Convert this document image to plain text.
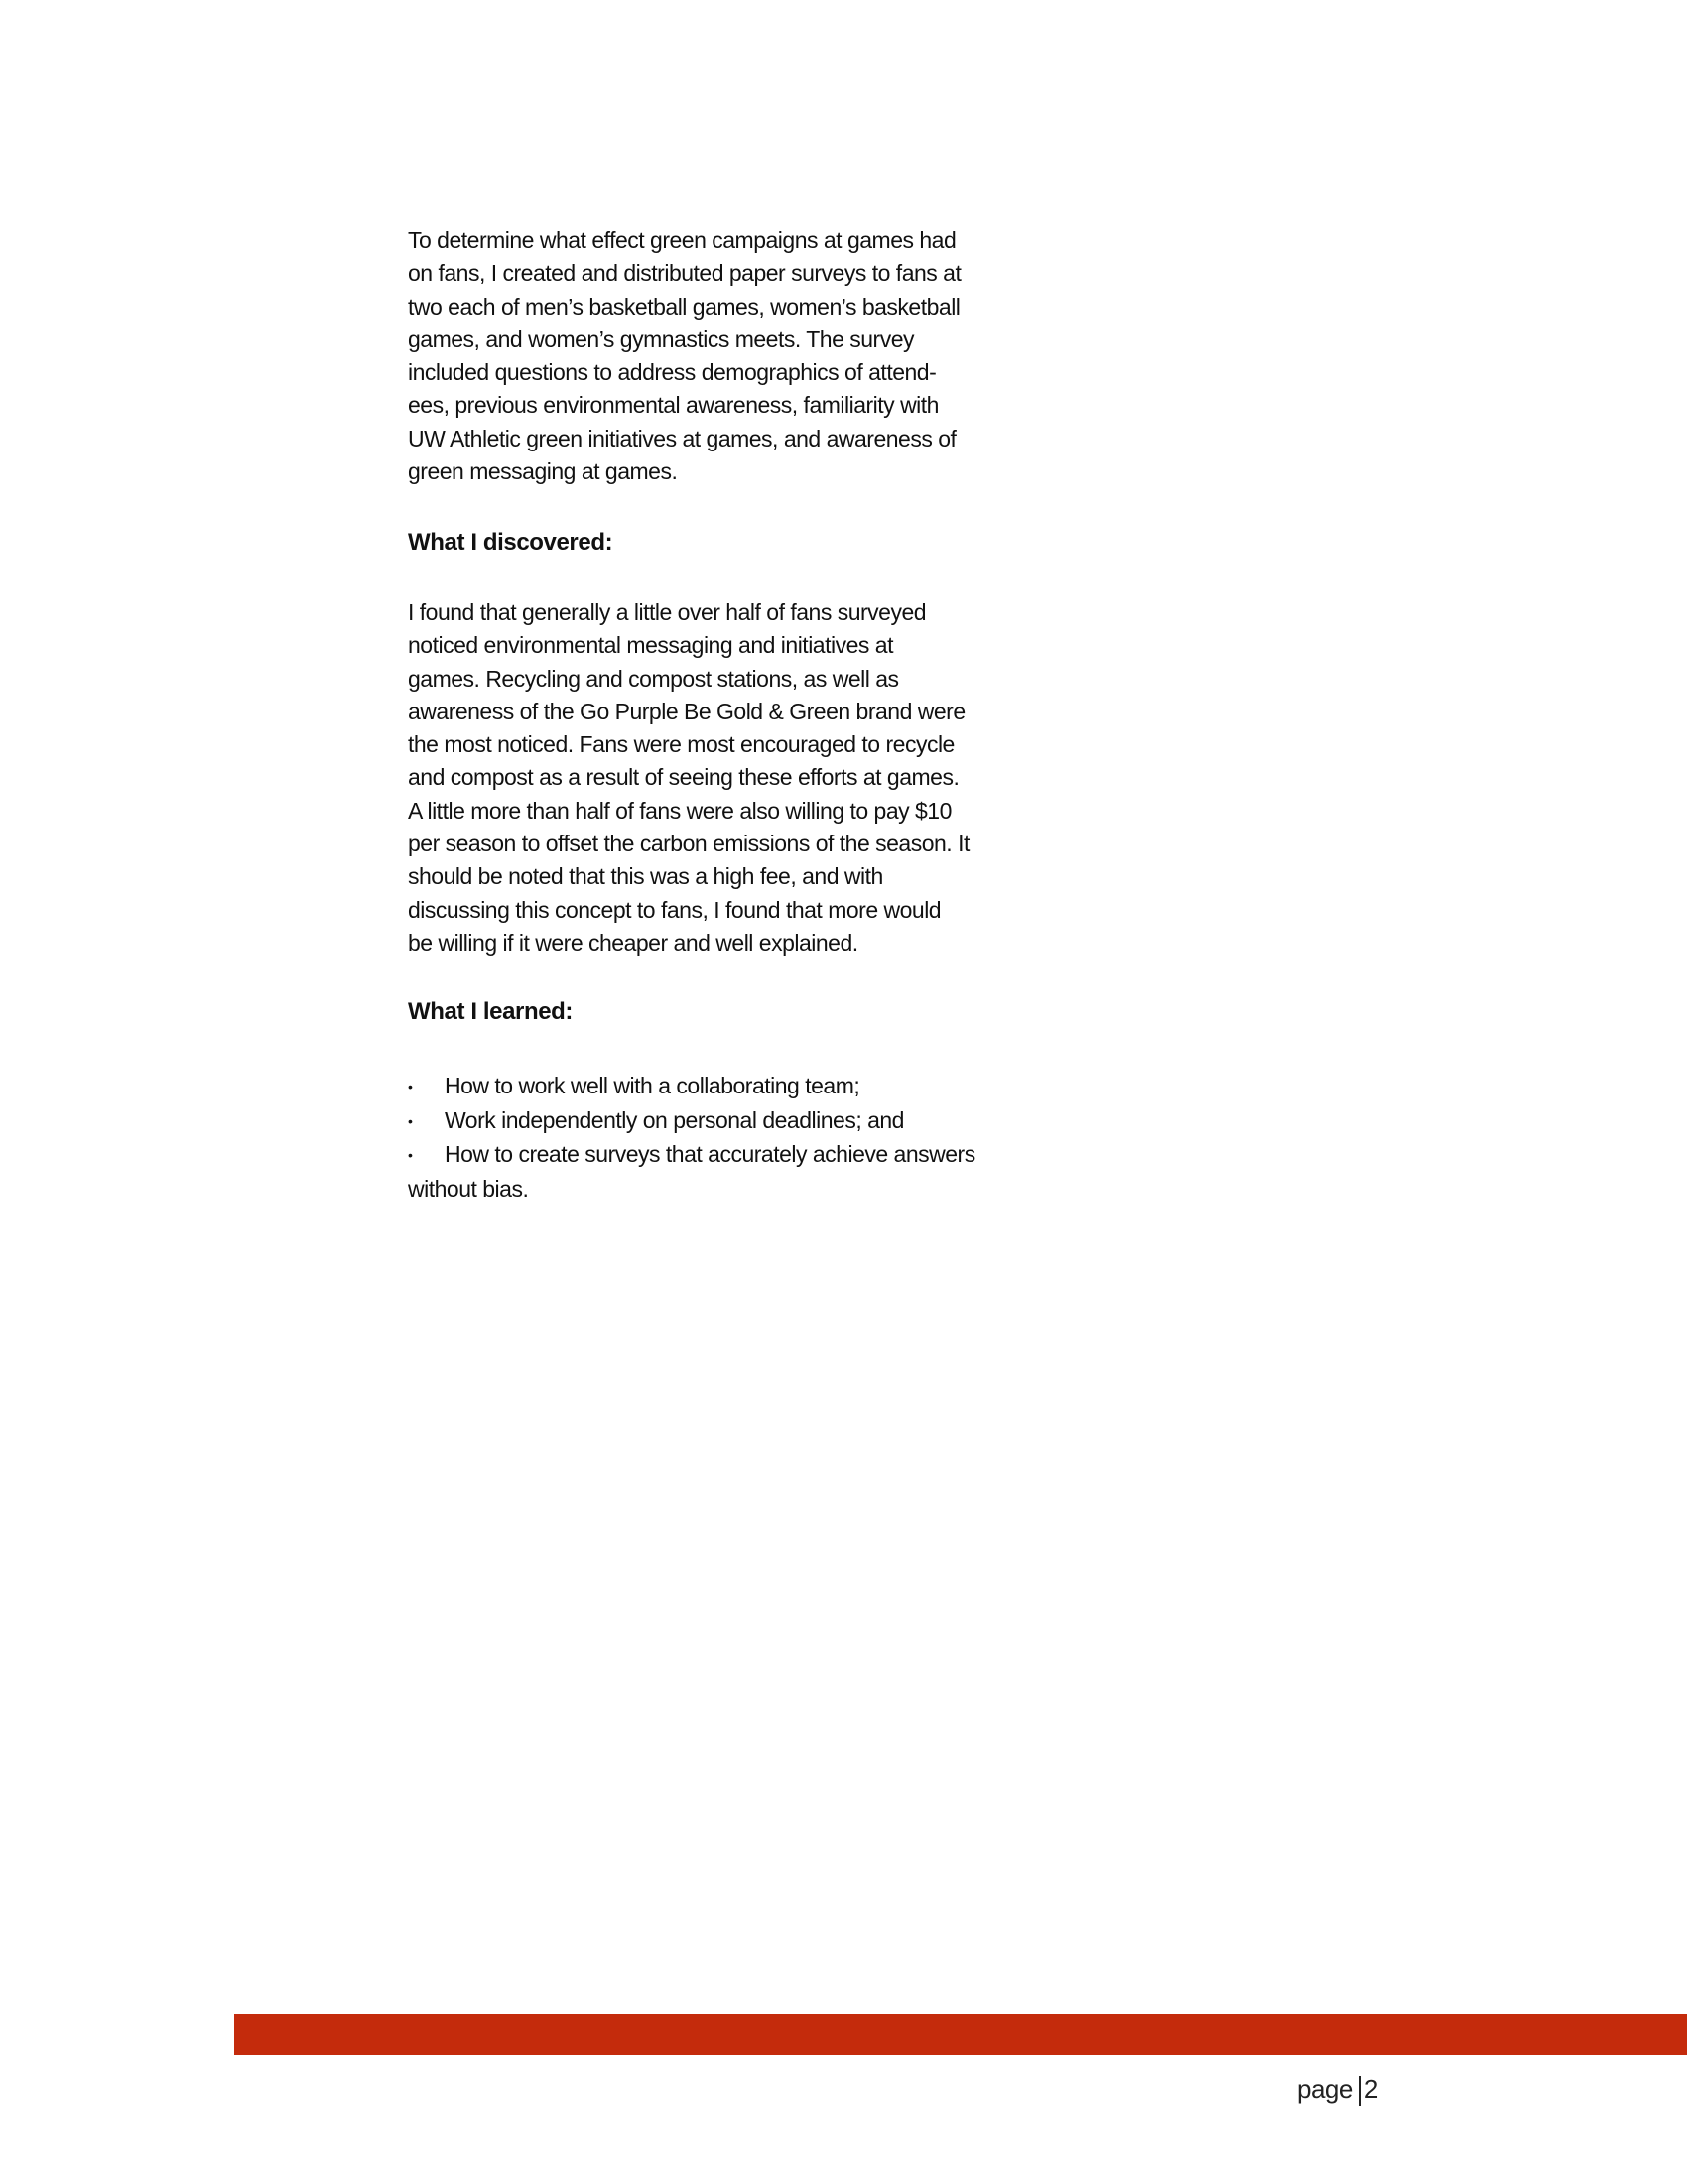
To determine what effect green campaigns at games had
on fans, I created and distributed paper surveys to fans at
two each of men’s basketball games, women’s basketball
games, and women’s gymnastics meets. The survey
included questions to address demographics of attend-
ees, previous environmental awareness, familiarity with
UW Athletic green initiatives at games, and awareness of
green messaging at games.
What I discovered:
I found that generally a little over half of fans surveyed
noticed environmental messaging and initiatives at
games. Recycling and compost stations, as well as
awareness of the Go Purple Be Gold & Green brand were
the most noticed. Fans were most encouraged to recycle
and compost as a result of seeing these efforts at games.
A little more than half of fans were also willing to pay $10
per season to offset the carbon emissions of the season. It
should be noted that this was a high fee, and with
discussing this concept to fans, I found that more would
be willing if it were cheaper and well explained.
What I learned:
• How to work well with a collaborating team;
• Work independently on personal deadlines; and
• How to create surveys that accurately achieve answers
without bias.
page 2
